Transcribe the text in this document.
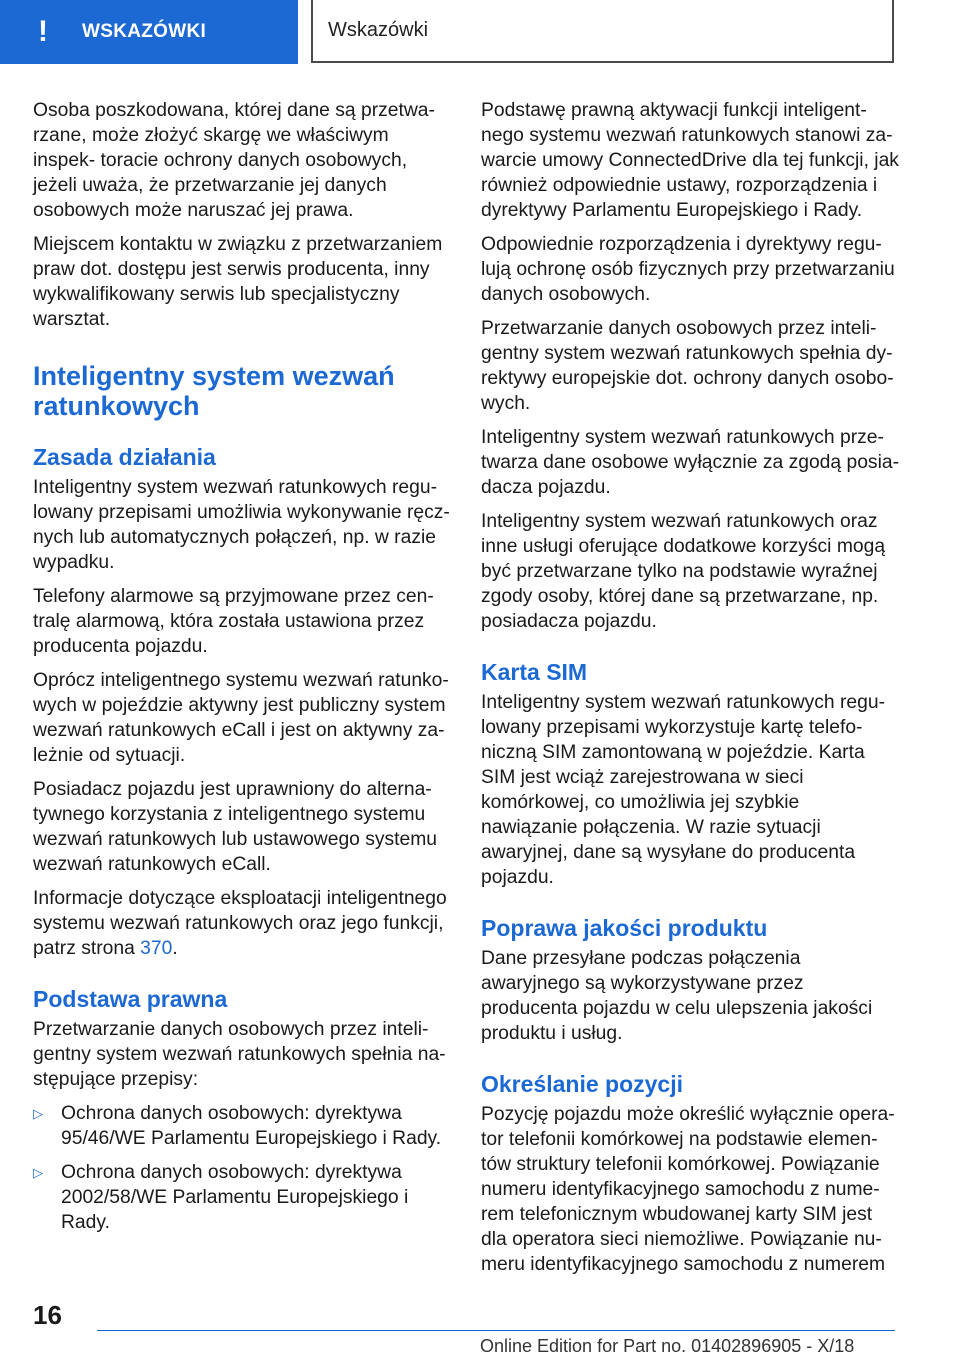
!	WSKAZÓWKI	Wskazówki

Osoba poszkodowana, której dane są przetwa‐ rzane, może złożyć skargę we właściwym inspek‐ toracie ochrony danych osobowych, jeżeli uważa, że przetwarzanie jej danych osobowych może naruszać jej prawa.

Miejscem kontaktu w związku z przetwarzaniem praw dot. dostępu jest serwis producenta, inny wykwalifikowany serwis lub specjalistyczny warsztat.

Inteligentny system wezwań ratunkowych
Zasada działania

Inteligentny system wezwań ratunkowych regu‐ lowany przepisami umożliwia wykonywanie ręcz‐ nych lub automatycznych połączeń, np. w razie wypadku.

Telefony alarmowe są przyjmowane przez cen‐ tralę alarmową, która została ustawiona przez producenta pojazdu.

Oprócz inteligentnego systemu wezwań ratunko‐ wych w pojeździe aktywny jest publiczny system wezwań ratunkowych eCall i jest on aktywny za‐ leżnie od sytuacji.

Posiadacz pojazdu jest uprawniony do alterna‐ tywnego korzystania z inteligentnego systemu wezwań ratunkowych lub ustawowego systemu wezwań ratunkowych eCall.

Informacje dotyczące eksploatacji inteligentnego systemu wezwań ratunkowych oraz jego funkcji, patrz strona 370.

Podstawa prawna

Przetwarzanie danych osobowych przez inteli‐ gentny system wezwań ratunkowych spełnia na‐ stępujące przepisy:

▷ Ochrona danych osobowych: dyrektywa 95/46/WE Parlamentu Europejskiego i Rady.
▷ Ochrona danych osobowych: dyrektywa 2002/58/WE Parlamentu Europejskiego i Rady.

Podstawę prawną aktywacji funkcji inteligent‐ nego systemu wezwań ratunkowych stanowi za‐ warcie umowy ConnectedDrive dla tej funkcji, jak również odpowiednie ustawy, rozporządzenia i dyrektywy Parlamentu Europejskiego i Rady.

Odpowiednie rozporządzenia i dyrektywy regu‐ lują ochronę osób fizycznych przy przetwarzaniu danych osobowych.

Przetwarzanie danych osobowych przez inteli‐ gentny system wezwań ratunkowych spełnia dy‐ rektywy europejskie dot. ochrony danych osobo‐ wych.

Inteligentny system wezwań ratunkowych prze‐ twarza dane osobowe wyłącznie za zgodą posia‐ dacza pojazdu.

Inteligentny system wezwań ratunkowych oraz inne usługi oferujące dodatkowe korzyści mogą być przetwarzane tylko na podstawie wyraźnej zgody osoby, której dane są przetwarzane, np. posiadacza pojazdu.

Karta SIM

Inteligentny system wezwań ratunkowych regu‐ lowany przepisami wykorzystuje kartę telefo‐ niczną SIM zamontowaną w pojeździe. Karta SIM jest wciąż zarejestrowana w sieci komórkowej, co umożliwia jej szybkie nawiązanie połączenia. W razie sytuacji awaryjnej, dane są wysyłane do producenta pojazdu.

Poprawa jakości produktu

Dane przesyłane podczas połączenia awaryjnego są wykorzystywane przez producenta pojazdu w celu ulepszenia jakości produktu i usług.

Określanie pozycji

Pozycję pojazdu może określić wyłącznie opera‐ tor telefonii komórkowej na podstawie elemen‐ tów struktury telefonii komórkowej. Powiązanie numeru identyfikacyjnego samochodu z nume‐ rem telefonicznym wbudowanej karty SIM jest dla operatora sieci niemożliwe. Powiązanie nu‐ meru identyfikacyjnego samochodu z numerem

16
Online Edition for Part no. 01402896905 - X/18
